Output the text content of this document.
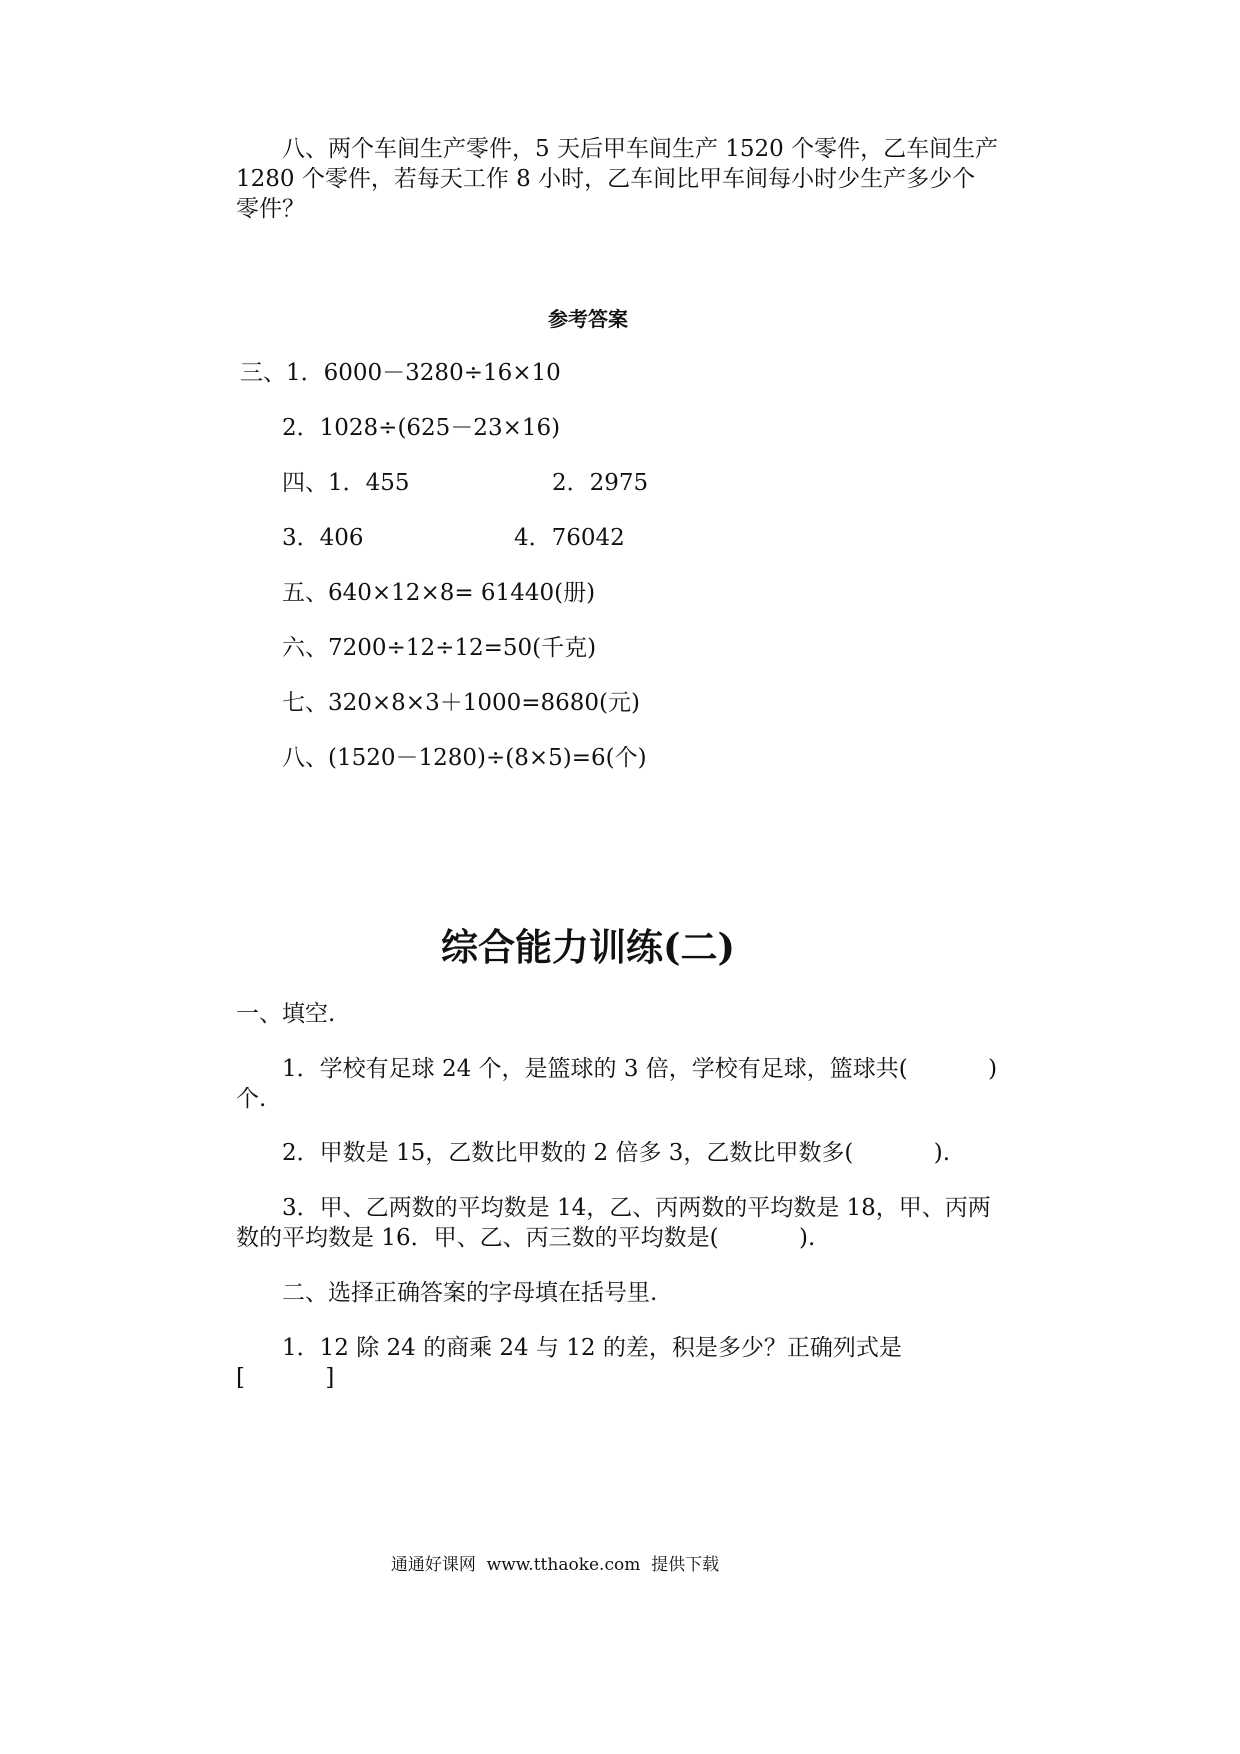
八、两个车间生产零件，5 天后甲车间生产 1520 个零件，乙车间生产
1280 个零件，若每天工作 8 小时，乙车间比甲车间每小时少生产多少个
零件？
参考答案
三、1．6000－3280÷16×10
2．1028÷(625－23×16)
四、1．455	2．2975
3．406	4．76042
五、640×12×8= 61440(册)
六、7200÷12÷12=50(千克)
七、320×8×3＋1000=8680(元)
八、(1520－1280)÷(8×5)=6(个)
综合能力训练(二)
一、填空.
1．学校有足球 24 个，是篮球的 3 倍，学校有足球，篮球共(           )
个.
2．甲数是 15，乙数比甲数的 2 倍多 3，乙数比甲数多(           ).
3．甲、乙两数的平均数是 14，乙、丙两数的平均数是 18，甲、丙两
数的平均数是 16．甲、乙、丙三数的平均数是(           ).
二、选择正确答案的字母填在括号里.
1．12 除 24 的商乘 24 与 12 的差，积是多少？正确列式是
[           ]
通通好课网  www.tthaoke.com  提供下载
